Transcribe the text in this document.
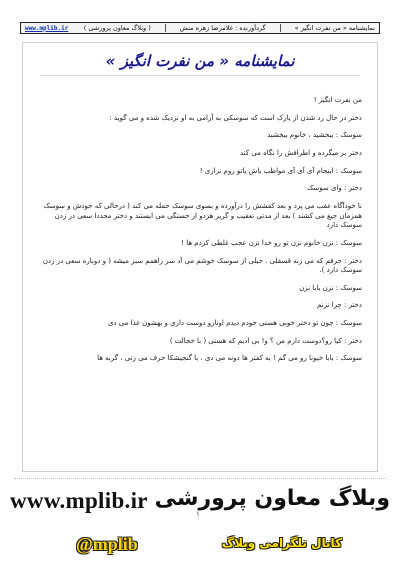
www.mplib.ir	نمایشنامه « من نفرت انگیز »
گردآورنده : غلامرضا زهره منش
( وبلاگ معاون پرورشی )
نمایشنامه « من نفرت انگیز »

من نفرت انگیز !

دختر در حال رد شدن از پارک است که سوسکی به آرامی به او نزدیک شده و می گوید :

سوسک : ببخشید ، خانوم ببخشید

دختر بر میگرده و اطرافش را نگاه می کند

سوسک : اینجام آی آی آی مواظب باش پاتو روم نزاری !

دختر : وای سوسک

نا خودآگاه عقب می پرد و بعد کفشش را درآورده و بسوی سوسک حمله می کند ( درحالی که خودش و سوسک همزمان جیغ می کشند ) بعد از مدتی تعقیب و گریز هردو از خستگی می ایستند و دختر مجددا سعی در زدن سوسک دارد

سوسک : نزن خانوم نزن تو رو خدا نزن عجب غلطی کردم ها !

دختر : حرفم که می زنه قسقلی . خیلی از سوسک خوشم می آد سر راهمم سبز میشه ( و دوباره سعی در زدن سوسک دارد ).

سوسک : نزن بابا نزن

دختر : چرا نزنم

سوسک : چون تو دختر خوبی هستی خودم دیدم اونارو دوست داری و بهشون غذا می دی

دختر : کیا رو؟دوست دارم من ؟ و! بی ادبم که هستی ( با خجالت )

سوسک : بابا خیونا رو می گم ! به کفتر ها دونه می دی . با گنجیشکا حرف می زنی ، گربه ها

۱
www.mplib.ir وبلاگ معاون پرورشی
@mplib	کانال تلگرامی وبلاگ
